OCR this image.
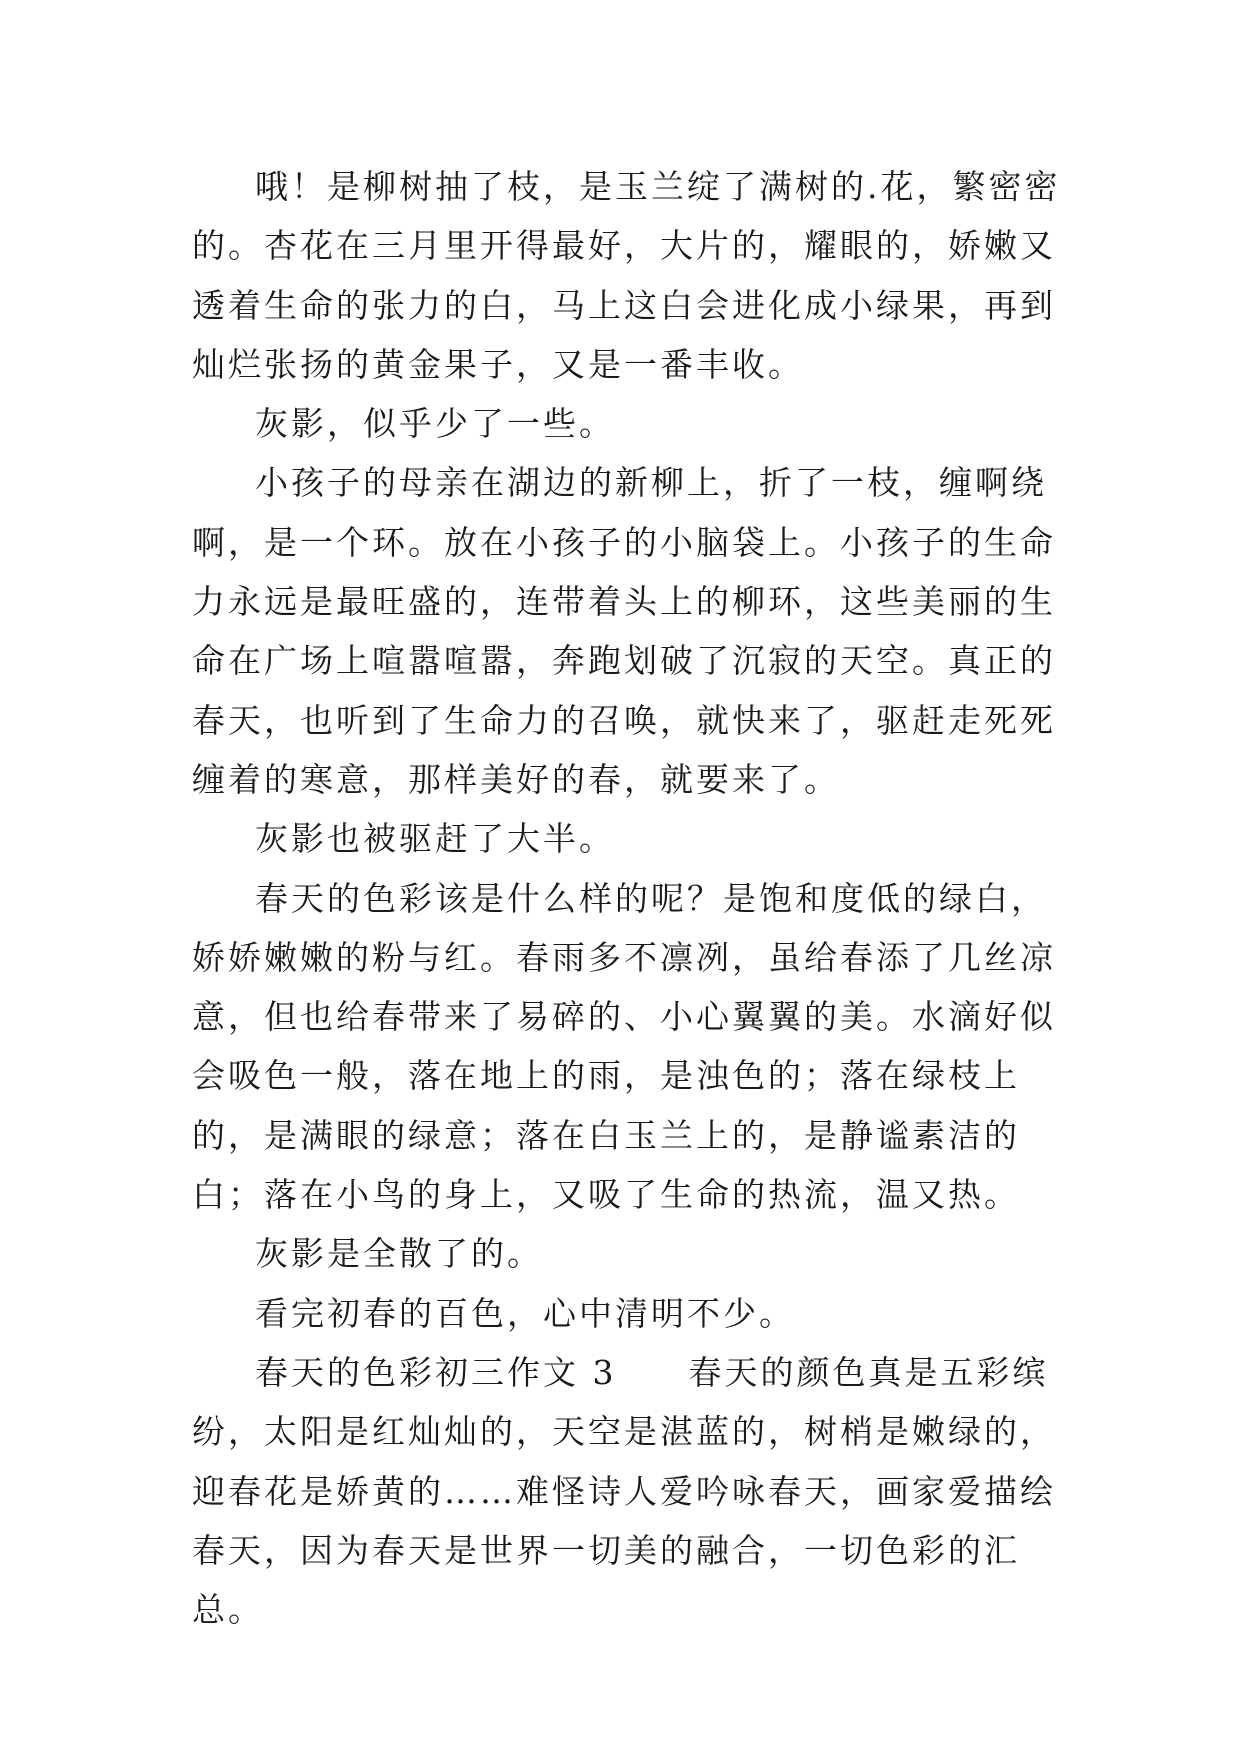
哦！是柳树抽了枝，是玉兰绽了满树的.花，繁密密的。杏花在三月里开得最好，大片的，耀眼的，娇嫩又透着生命的张力的白，马上这白会进化成小绿果，再到灿烂张扬的黄金果子，又是一番丰收。

灰影，似乎少了一些。

小孩子的母亲在湖边的新柳上，折了一枝，缠啊绕啊，是一个环。放在小孩子的小脑袋上。小孩子的生命力永远是最旺盛的，连带着头上的柳环，这些美丽的生命在广场上喧嚣喧嚣，奔跑划破了沉寂的天空。真正的春天，也听到了生命力的召唤，就快来了，驱赶走死死缠着的寒意，那样美好的春，就要来了。

灰影也被驱赶了大半。

春天的色彩该是什么样的呢？是饱和度低的绿白，娇娇嫩嫩的粉与红。春雨多不凛冽，虽给春添了几丝凉意，但也给春带来了易碎的、小心翼翼的美。水滴好似会吸色一般，落在地上的雨，是浊色的；落在绿枝上的，是满眼的绿意；落在白玉兰上的，是静谧素洁的白；落在小鸟的身上，又吸了生命的热流，温又热。

灰影是全散了的。

看完初春的百色，心中清明不少。

春天的色彩初三作文 3　　春天的颜色真是五彩缤纷，太阳是红灿灿的，天空是湛蓝的，树梢是嫩绿的，迎春花是娇黄的……难怪诗人爱吟咏春天，画家爱描绘春天，因为春天是世界一切美的融合，一切色彩的汇总。
